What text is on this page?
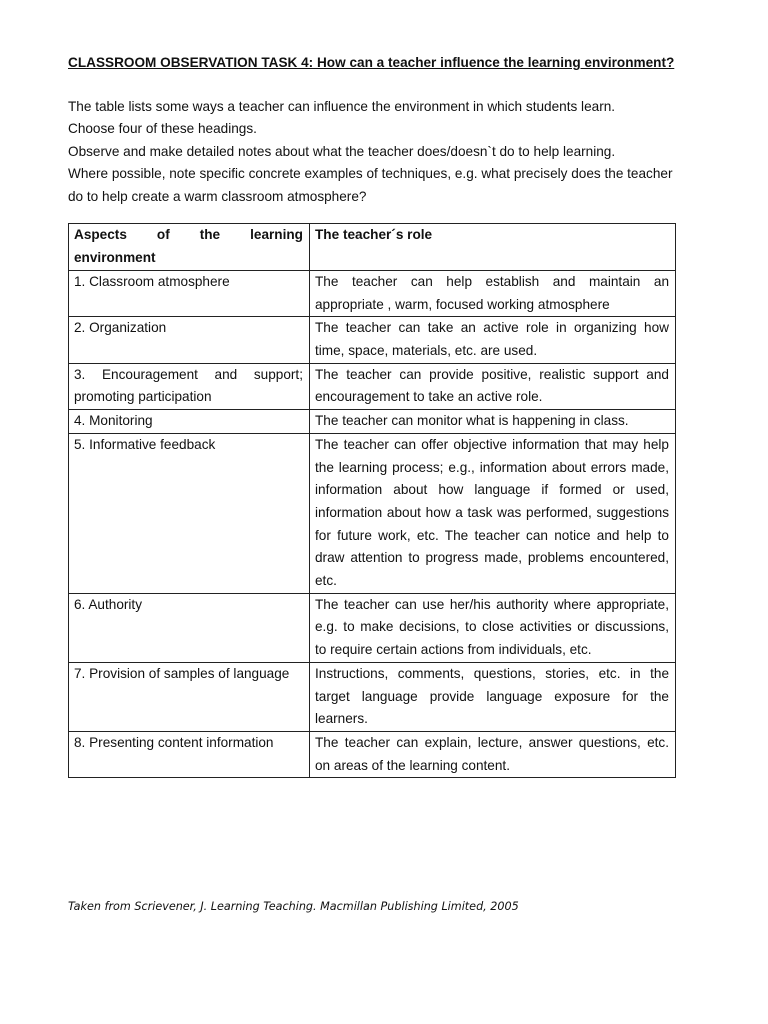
CLASSROOM OBSERVATION TASK 4: How can a teacher influence the learning environment?

The table lists some ways a teacher can influence the environment in which students learn.

Choose four of these headings.

Observe and make detailed notes about what the teacher does/doesn`t do to help learning.

Where possible, note specific concrete examples of techniques, e.g. what precisely does the teacher do to help create a warm classroom atmosphere?

Aspects of the learning environment	The teacher´s role
1. Classroom atmosphere	The teacher can help establish and maintain an appropriate , warm, focused working atmosphere
2. Organization	The teacher can take an active role in organizing how time, space, materials, etc. are used.
3. Encouragement and support; promoting participation	The teacher can provide positive, realistic support and encouragement to take an active role.
4. Monitoring	The teacher can monitor what is happening in class.
5. Informative feedback	The teacher can offer objective information that may help the learning process; e.g., information about errors made, information about how language if formed or used, information about how a task was performed, suggestions for future work, etc. The teacher can notice and help to draw attention to progress made, problems encountered, etc.
6. Authority	The teacher can use her/his authority where appropriate, e.g. to make decisions, to close activities or discussions, to require certain actions from individuals, etc.
7. Provision of samples of language	Instructions, comments, questions, stories, etc. in the target language provide language exposure for the learners.
8. Presenting content information	The teacher can explain, lecture, answer questions, etc. on areas of the learning content.
Taken from Scrievener, J. Learning Teaching. Macmillan Publishing Limited, 2005
